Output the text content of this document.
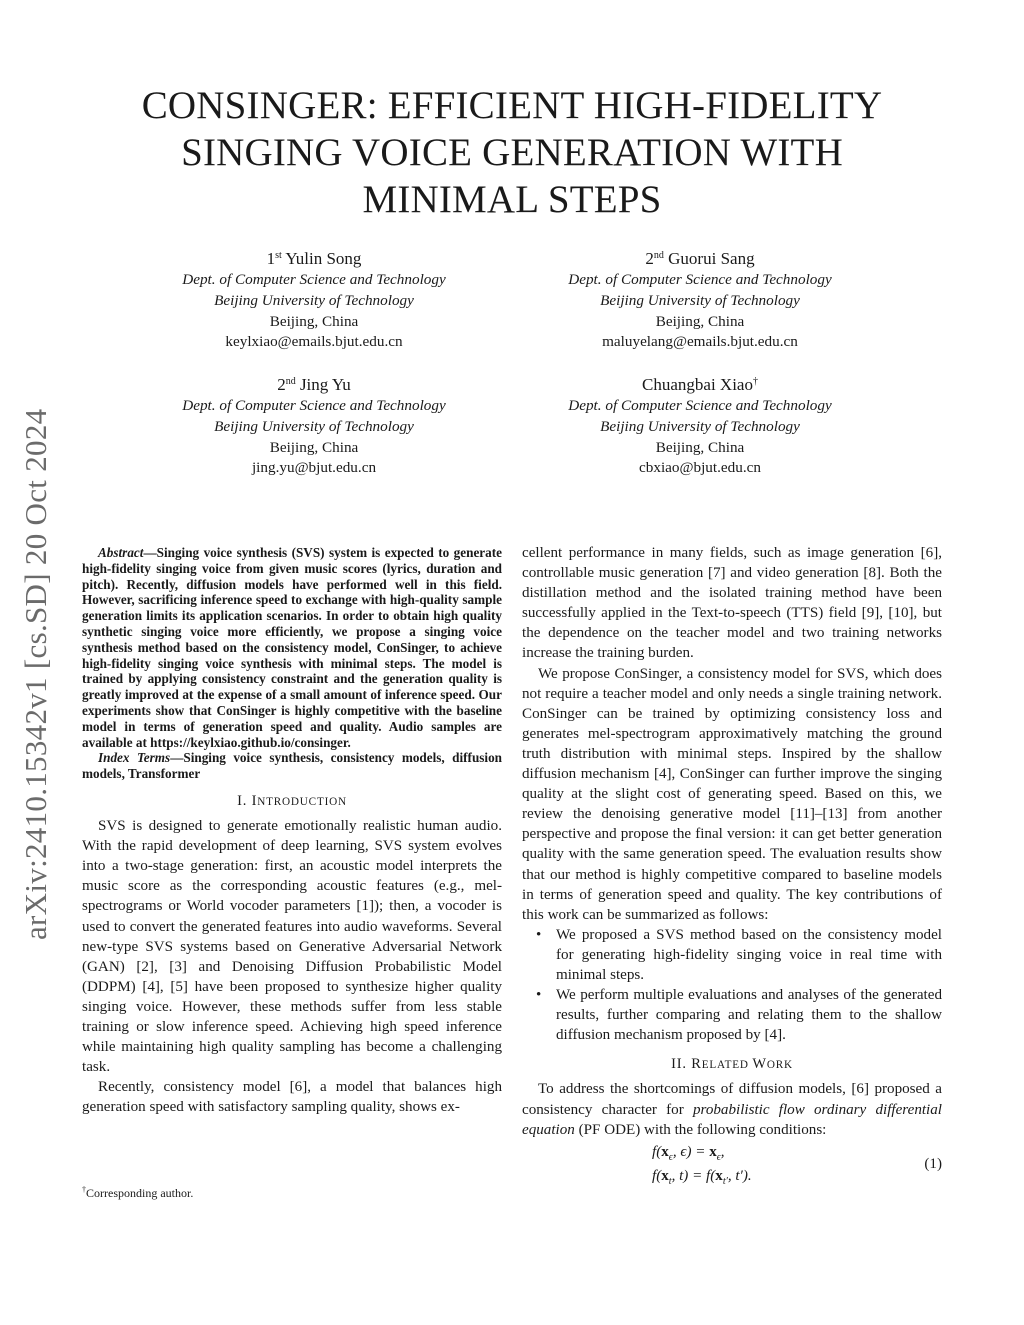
arXiv:2410.15342v1 [cs.SD] 20 Oct 2024
CONSINGER: EFFICIENT HIGH-FIDELITY
SINGING VOICE GENERATION WITH
MINIMAL STEPS
1st Yulin Song
Dept. of Computer Science and Technology
Beijing University of Technology
Beijing, China
keylxiao@emails.bjut.edu.cn
2nd Guorui Sang
Dept. of Computer Science and Technology
Beijing University of Technology
Beijing, China
maluyelang@emails.bjut.edu.cn
2nd Jing Yu
Dept. of Computer Science and Technology
Beijing University of Technology
Beijing, China
jing.yu@bjut.edu.cn
Chuangbai Xiao†
Dept. of Computer Science and Technology
Beijing University of Technology
Beijing, China
cbxiao@bjut.edu.cn

Abstract—Singing voice synthesis (SVS) system is expected to generate high-fidelity singing voice from given music scores (lyrics, duration and pitch). Recently, diffusion models have performed well in this field. However, sacrificing inference speed to exchange with high-quality sample generation limits its application scenarios. In order to obtain high quality synthetic singing voice more efficiently, we propose a singing voice synthesis method based on the consistency model, ConSinger, to achieve high-fidelity singing voice synthesis with minimal steps. The model is trained by applying consistency constraint and the generation quality is greatly improved at the expense of a small amount of inference speed. Our experiments show that ConSinger is highly competitive with the baseline model in terms of generation speed and quality. Audio samples are available at https://keylxiao.github.io/consinger.

Index Terms—Singing voice synthesis, consistency models, diffusion models, Transformer

I. INTRODUCTION

SVS is designed to generate emotionally realistic human audio. With the rapid development of deep learning, SVS system evolves into a two-stage generation: first, an acoustic model interprets the music score as the corresponding acoustic features (e.g., mel-spectrograms or World vocoder parameters [1]); then, a vocoder is used to convert the generated features into audio waveforms. Several new-type SVS systems based on Generative Adversarial Network (GAN) [2], [3] and Denoising Diffusion Probabilistic Model (DDPM) [4], [5] have been proposed to synthesize higher quality singing voice. However, these methods suffer from less stable training or slow inference speed. Achieving high speed inference while maintaining high quality sampling has become a challenging task.

Recently, consistency model [6], a model that balances high generation speed with satisfactory sampling quality, shows ex-

cellent performance in many fields, such as image generation [6], controllable music generation [7] and video generation [8]. Both the distillation method and the isolated training method have been successfully applied in the Text-to-speech (TTS) field [9], [10], but the dependence on the teacher model and two training networks increase the training burden.

We propose ConSinger, a consistency model for SVS, which does not require a teacher model and only needs a single training network. ConSinger can be trained by optimizing consistency loss and generates mel-spectrogram approximatively matching the ground truth distribution with minimal steps. Inspired by the shallow diffusion mechanism [4], ConSinger can further improve the singing quality at the slight cost of generating speed. Based on this, we review the denoising generative model [11]–[13] from another perspective and propose the final version: it can get better generation quality with the same generation speed. The evaluation results show that our method is highly competitive compared to baseline models in terms of generation speed and quality. The key contributions of this work can be summarized as follows:

• We proposed a SVS method based on the consistency model for generating high-fidelity singing voice in real time with minimal steps.
• We perform multiple evaluations and analyses of the generated results, further comparing and relating them to the shallow diffusion mechanism proposed by [4].
II. RELATED WORK

To address the shortcomings of diffusion models, [6] proposed a consistency character for probabilistic flow ordinary differential equation (PF ODE) with the following conditions:

$f(x_\epsilon$, $\epsilon) = x_\epsilon$,
$f(x_t$, $t) = f(x_{t'}$, t′).
(1)
†Corresponding author.
